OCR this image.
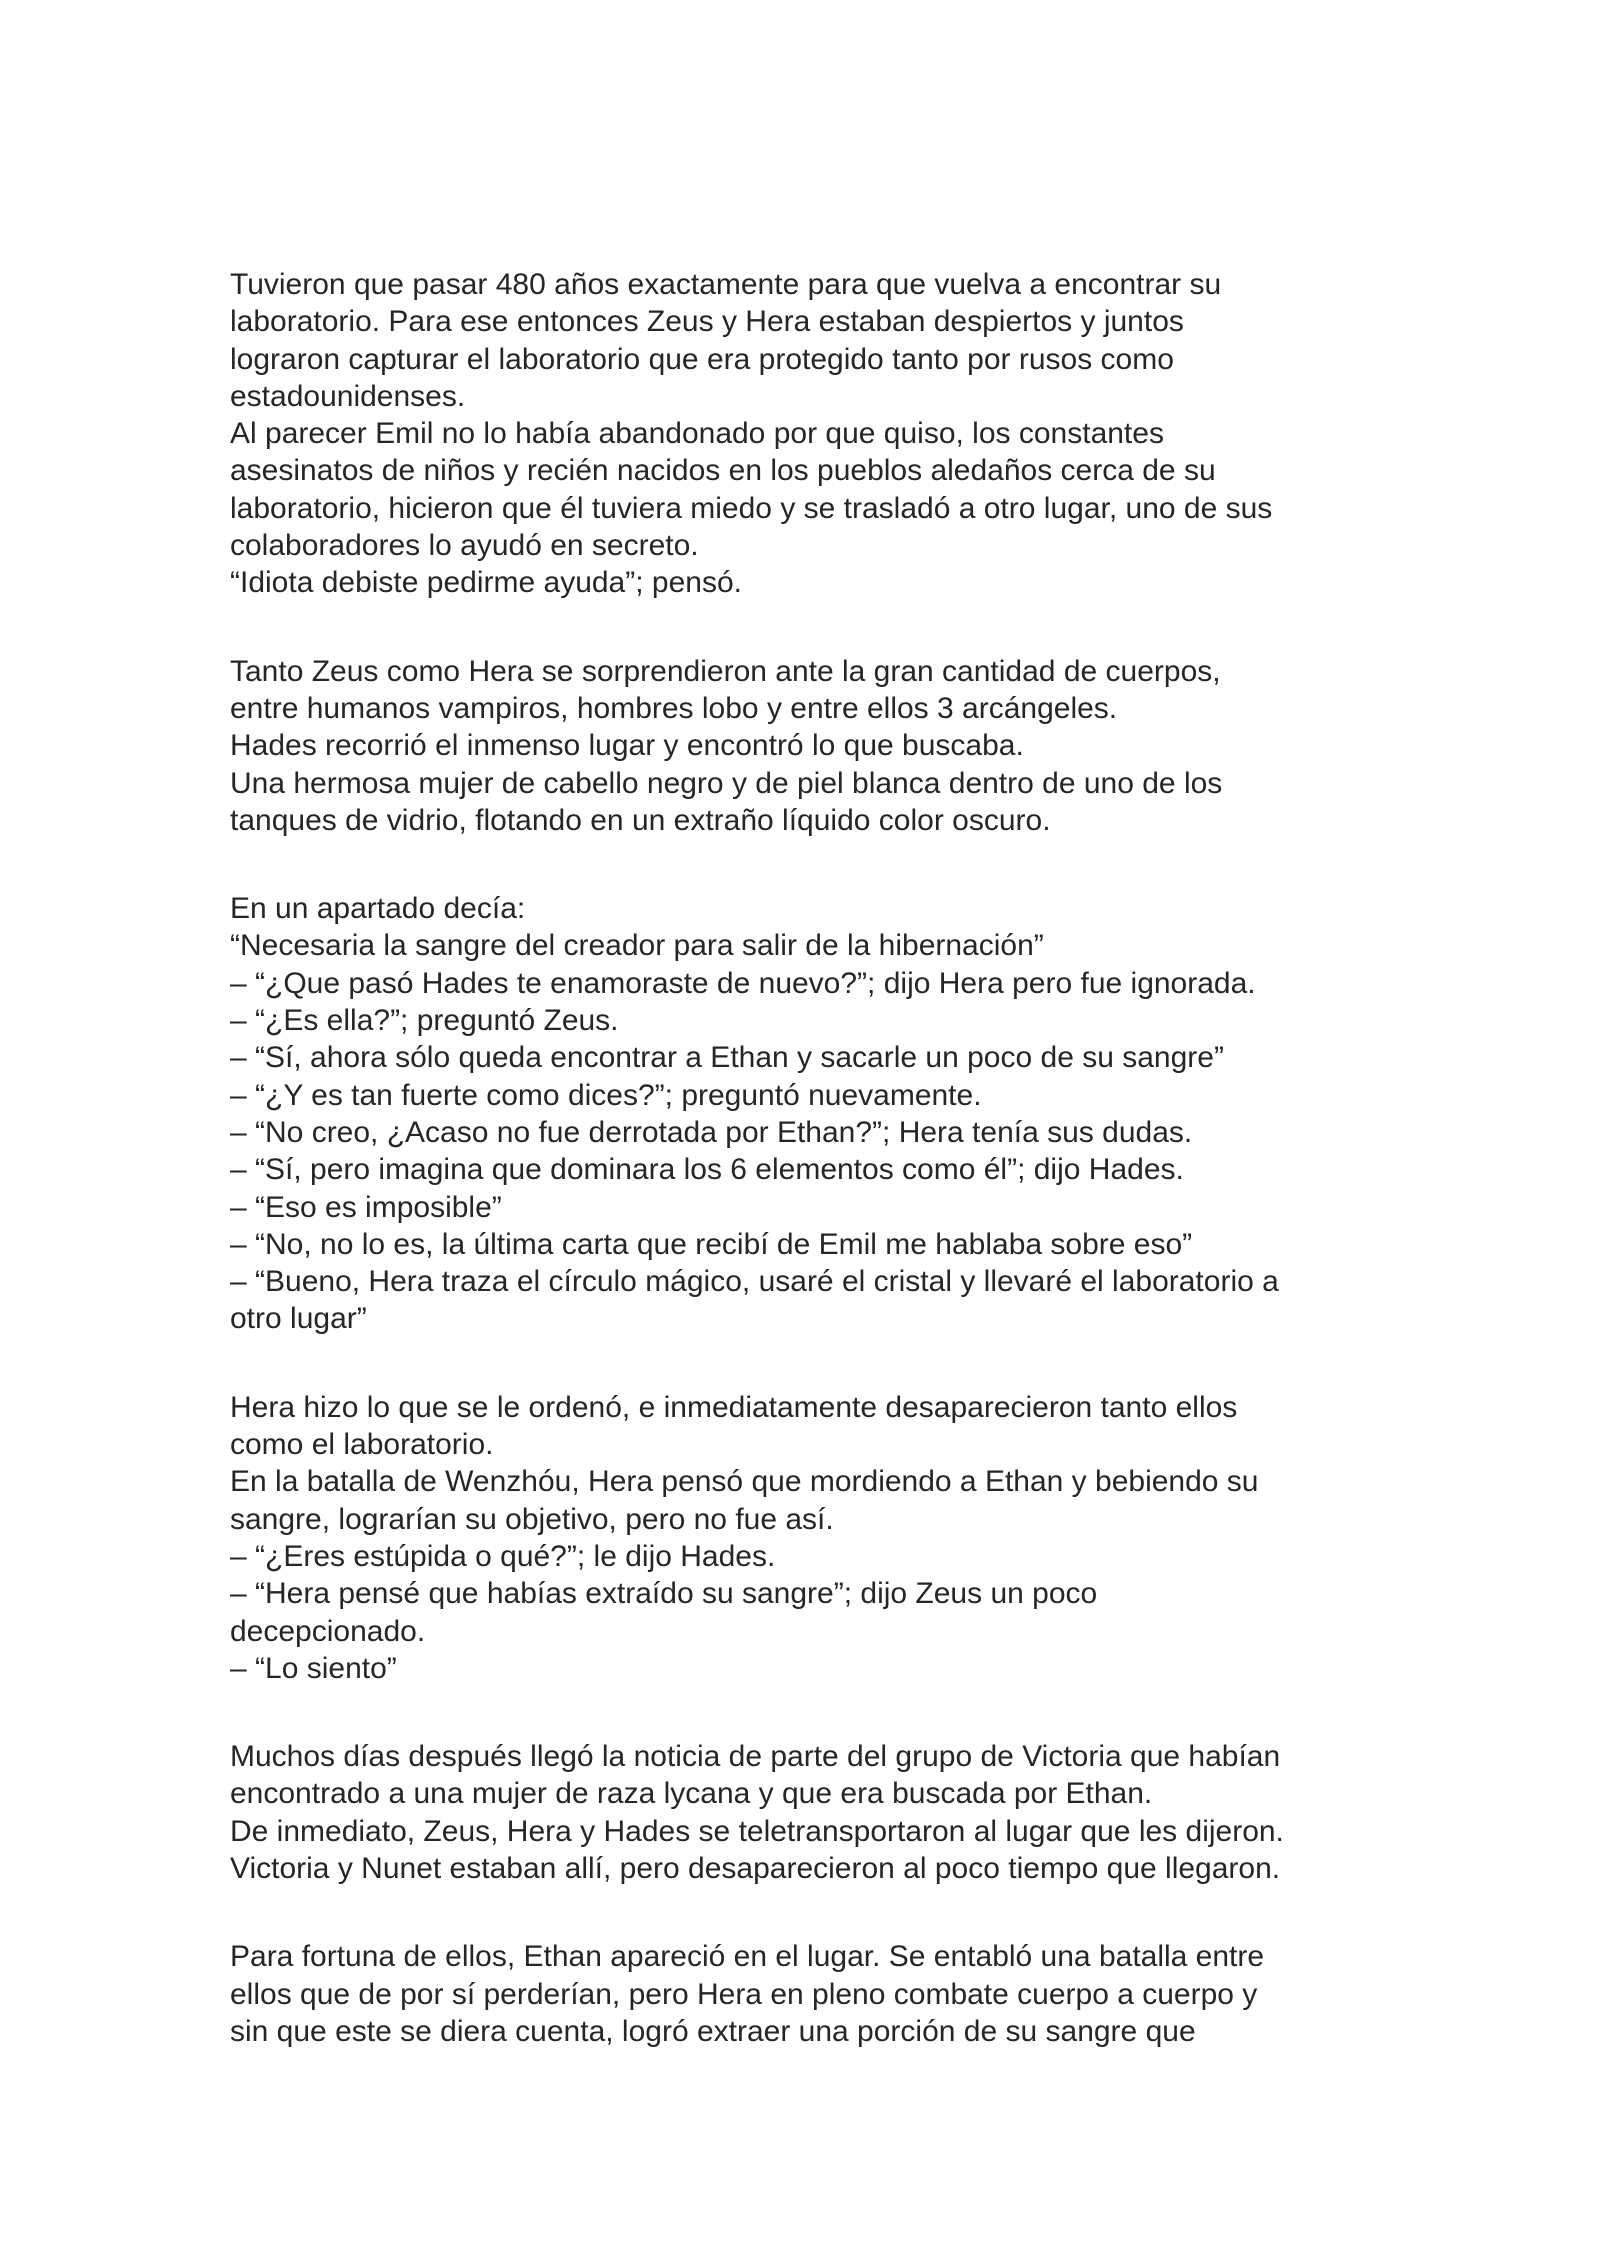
Tuvieron que pasar 480 años exactamente para que vuelva a encontrar su

laboratorio. Para ese entonces Zeus y Hera estaban despiertos y juntos

lograron capturar el laboratorio que era protegido tanto por rusos como

estadounidenses.

Al parecer Emil no lo había abandonado por que quiso, los constantes

asesinatos de niños y recién nacidos en los pueblos aledaños cerca de su

laboratorio, hicieron que él tuviera miedo y se trasladó a otro lugar, uno de sus

colaboradores lo ayudó en secreto.

“Idiota debiste pedirme ayuda”; pensó.

Tanto Zeus como Hera se sorprendieron ante la gran cantidad de cuerpos,

entre humanos vampiros, hombres lobo y entre ellos 3 arcángeles.

Hades recorrió el inmenso lugar y encontró lo que buscaba.

Una hermosa mujer de cabello negro y de piel blanca dentro de uno de los

tanques de vidrio, flotando en un extraño líquido color oscuro.

En un apartado decía:

“Necesaria la sangre del creador para salir de la hibernación”

– “¿Que pasó Hades te enamoraste de nuevo?”; dijo Hera pero fue ignorada.

– “¿Es ella?”; preguntó Zeus.

– “Sí, ahora sólo queda encontrar a Ethan y sacarle un poco de su sangre”

– “¿Y es tan fuerte como dices?”; preguntó nuevamente.

– “No creo, ¿Acaso no fue derrotada por Ethan?”; Hera tenía sus dudas.

– “Sí, pero imagina que dominara los 6 elementos como él”; dijo Hades.

– “Eso es imposible”

– “No, no lo es, la última carta que recibí de Emil me hablaba sobre eso”

– “Bueno, Hera traza el círculo mágico, usaré el cristal y llevaré el laboratorio a

otro lugar”

Hera hizo lo que se le ordenó, e inmediatamente desaparecieron tanto ellos

como el laboratorio.

En la batalla de Wenzhóu, Hera pensó que mordiendo a Ethan y bebiendo su

sangre, lograrían su objetivo, pero no fue así.

– “¿Eres estúpida o qué?”; le dijo Hades.

– “Hera pensé que habías extraído su sangre”; dijo Zeus un poco

decepcionado.

– “Lo siento”

Muchos días después llegó la noticia de parte del grupo de Victoria que habían

encontrado a una mujer de raza lycana y que era buscada por Ethan.

De inmediato, Zeus, Hera y Hades se teletransportaron al lugar que les dijeron.

Victoria y Nunet estaban allí, pero desaparecieron al poco tiempo que llegaron.

Para fortuna de ellos, Ethan apareció en el lugar. Se entabló una batalla entre

ellos que de por sí perderían, pero Hera en pleno combate cuerpo a cuerpo y

sin que este se diera cuenta, logró extraer una porción de su sangre que
